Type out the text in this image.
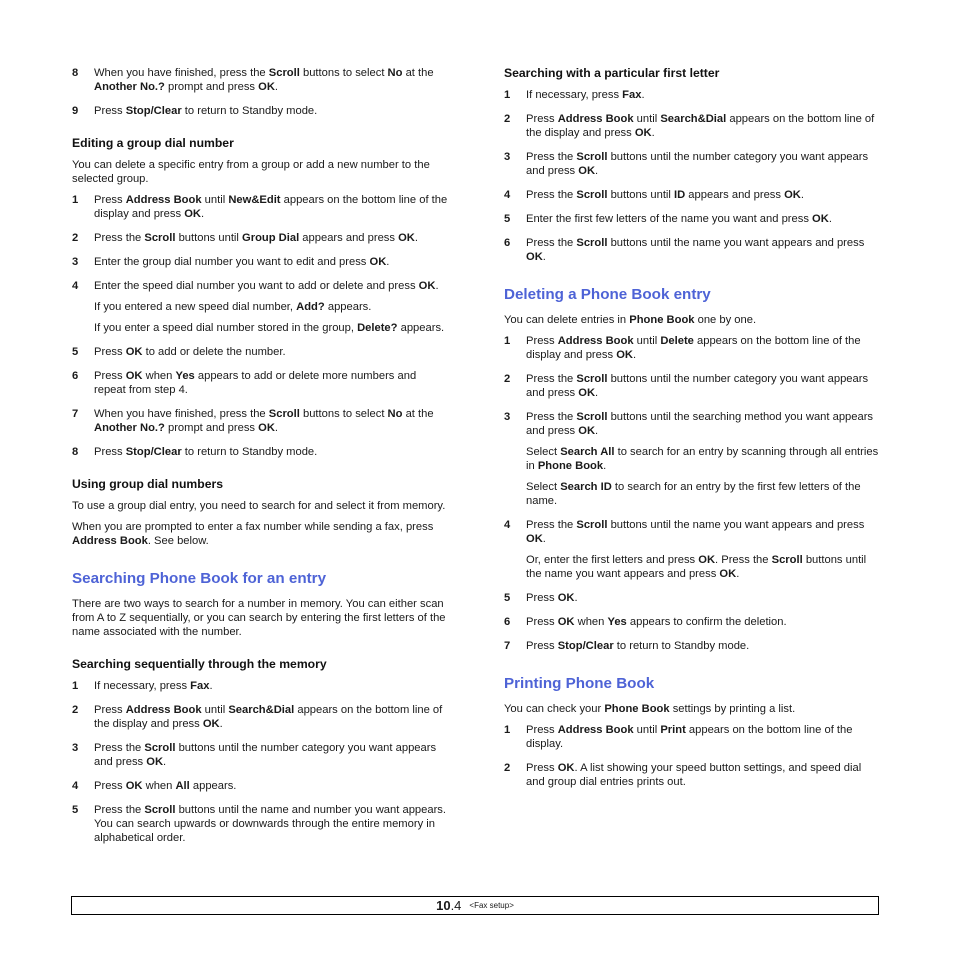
8	When you have finished, press the Scroll buttons to select No at the Another No.? prompt and press OK.

9	Press Stop/Clear to return to Standby mode.

Editing a group dial number

You can delete a specific entry from a group or add a new number to the selected group.

1	Press Address Book until New&Edit appears on the bottom line of the display and press OK.

2	Press the Scroll buttons until Group Dial appears and press OK.

3	Enter the group dial number you want to edit and press OK.

4	Enter the speed dial number you want to add or delete and press OK.

If you entered a new speed dial number, Add? appears.

If you enter a speed dial number stored in the group, Delete? appears.

5	Press OK to add or delete the number.

6	Press OK when Yes appears to add or delete more numbers and repeat from step 4.

7	When you have finished, press the Scroll buttons to select No at the Another No.? prompt and press OK.

8	Press Stop/Clear to return to Standby mode.

Using group dial numbers

To use a group dial entry, you need to search for and select it from memory.

When you are prompted to enter a fax number while sending a fax, press Address Book. See below.

Searching Phone Book for an entry

There are two ways to search for a number in memory. You can either scan from A to Z sequentially, or you can search by entering the first letters of the name associated with the number.

Searching sequentially through the memory
1	If necessary, press Fax.

2	Press Address Book until Search&Dial appears on the bottom line of the display and press OK.

3	Press the Scroll buttons until the number category you want appears and press OK.

4	Press OK when All appears.

5	Press the Scroll buttons until the name and number you want appears. You can search upwards or downwards through the entire memory in alphabetical order.

Searching with a particular first letter
1	If necessary, press Fax.

2	Press Address Book until Search&Dial appears on the bottom line of the display and press OK.

3	Press the Scroll buttons until the number category you want appears and press OK.

4	Press the Scroll buttons until ID appears and press OK.

5	Enter the first few letters of the name you want and press OK.

6	Press the Scroll buttons until the name you want appears and press OK.

Deleting a Phone Book entry

You can delete entries in Phone Book one by one.

1	Press Address Book until Delete appears on the bottom line of the display and press OK.

2	Press the Scroll buttons until the number category you want appears and press OK.

3	Press the Scroll buttons until the searching method you want appears and press OK.

Select Search All to search for an entry by scanning through all entries in Phone Book.

Select Search ID to search for an entry by the first few letters of the name.

4	Press the Scroll buttons until the name you want appears and press OK.

Or, enter the first letters and press OK. Press the Scroll buttons until the name you want appears and press OK.

5	Press OK.

6	Press OK when Yes appears to confirm the deletion.

7	Press Stop/Clear to return to Standby mode.

Printing Phone Book

You can check your Phone Book settings by printing a list.

1	Press Address Book until Print appears on the bottom line of the display.

2	Press OK. A list showing your speed button settings, and speed dial and group dial entries prints out.

10 .4 <Fax setup>
